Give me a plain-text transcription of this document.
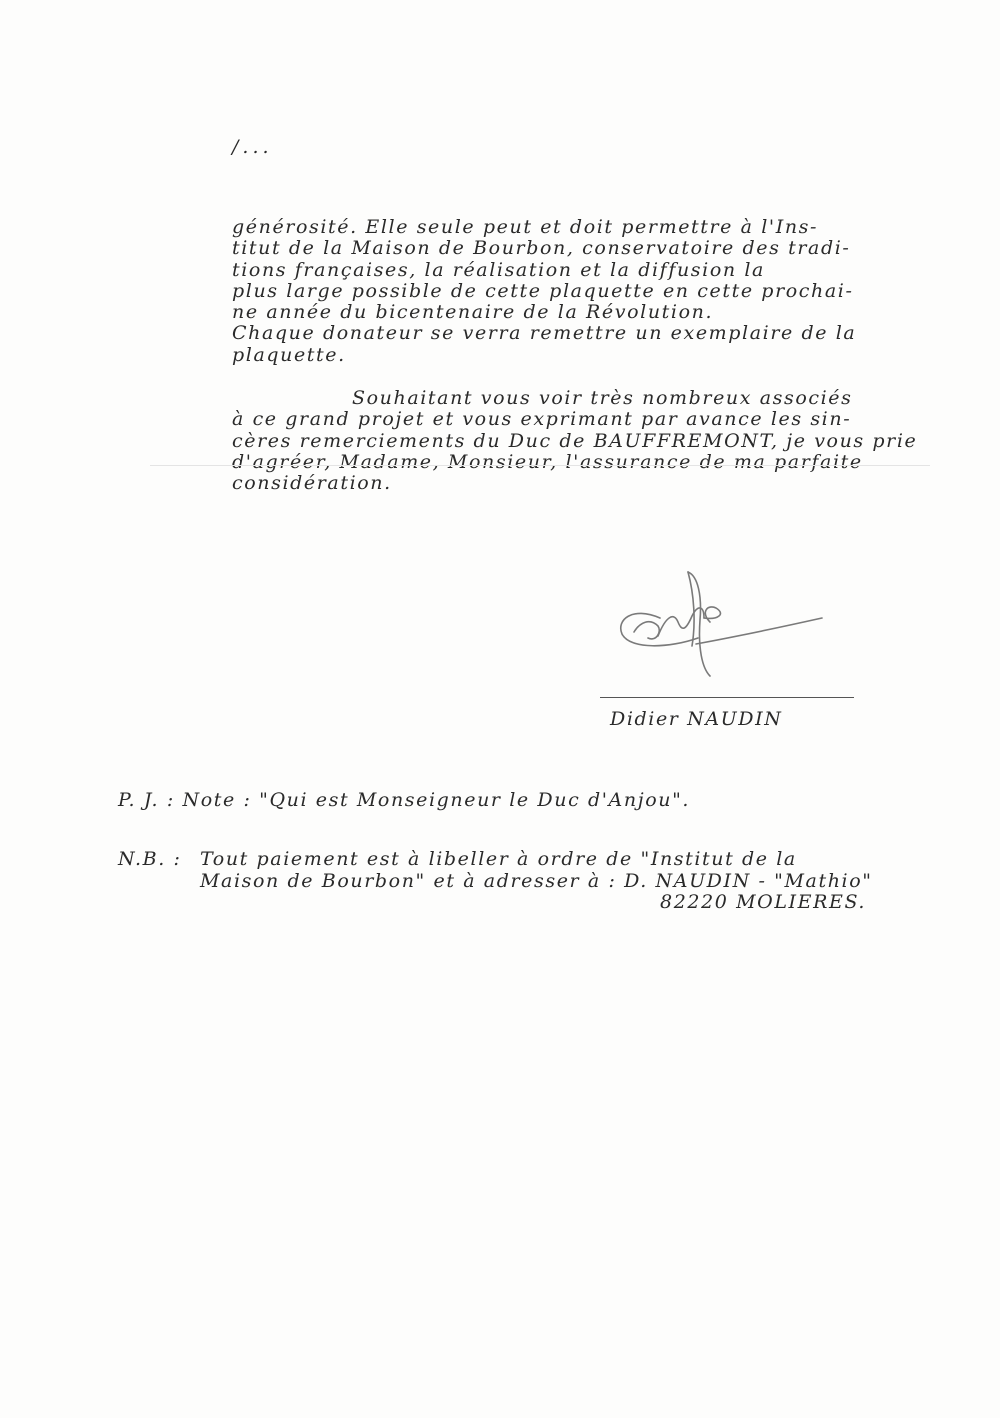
/...

générosité. Elle seule peut et doit permettre à l'Ins-
titut de la Maison de Bourbon, conservatoire des tradi-
tions françaises, la réalisation et la diffusion la
plus large possible de cette plaquette en cette prochai-
ne année du bicentenaire de la Révolution.
Chaque donateur se verra remettre un exemplaire de la
plaquette.

Souhaitant vous voir très nombreux associés
à ce grand projet et vous exprimant par avance les sin-
cères remerciements du Duc de BAUFFREMONT, je vous prie
d'agréer, Madame, Monsieur, l'assurance de ma parfaite
considération.

Didier NAUDIN
P. J. : Note : "Qui est Monseigneur le Duc d'Anjou".
N.B. : Tout paiement est à libeller à ordre de "Institut de la
Maison de Bourbon" et à adresser à : D. NAUDIN - "Mathio"
82220 MOLIERES.
